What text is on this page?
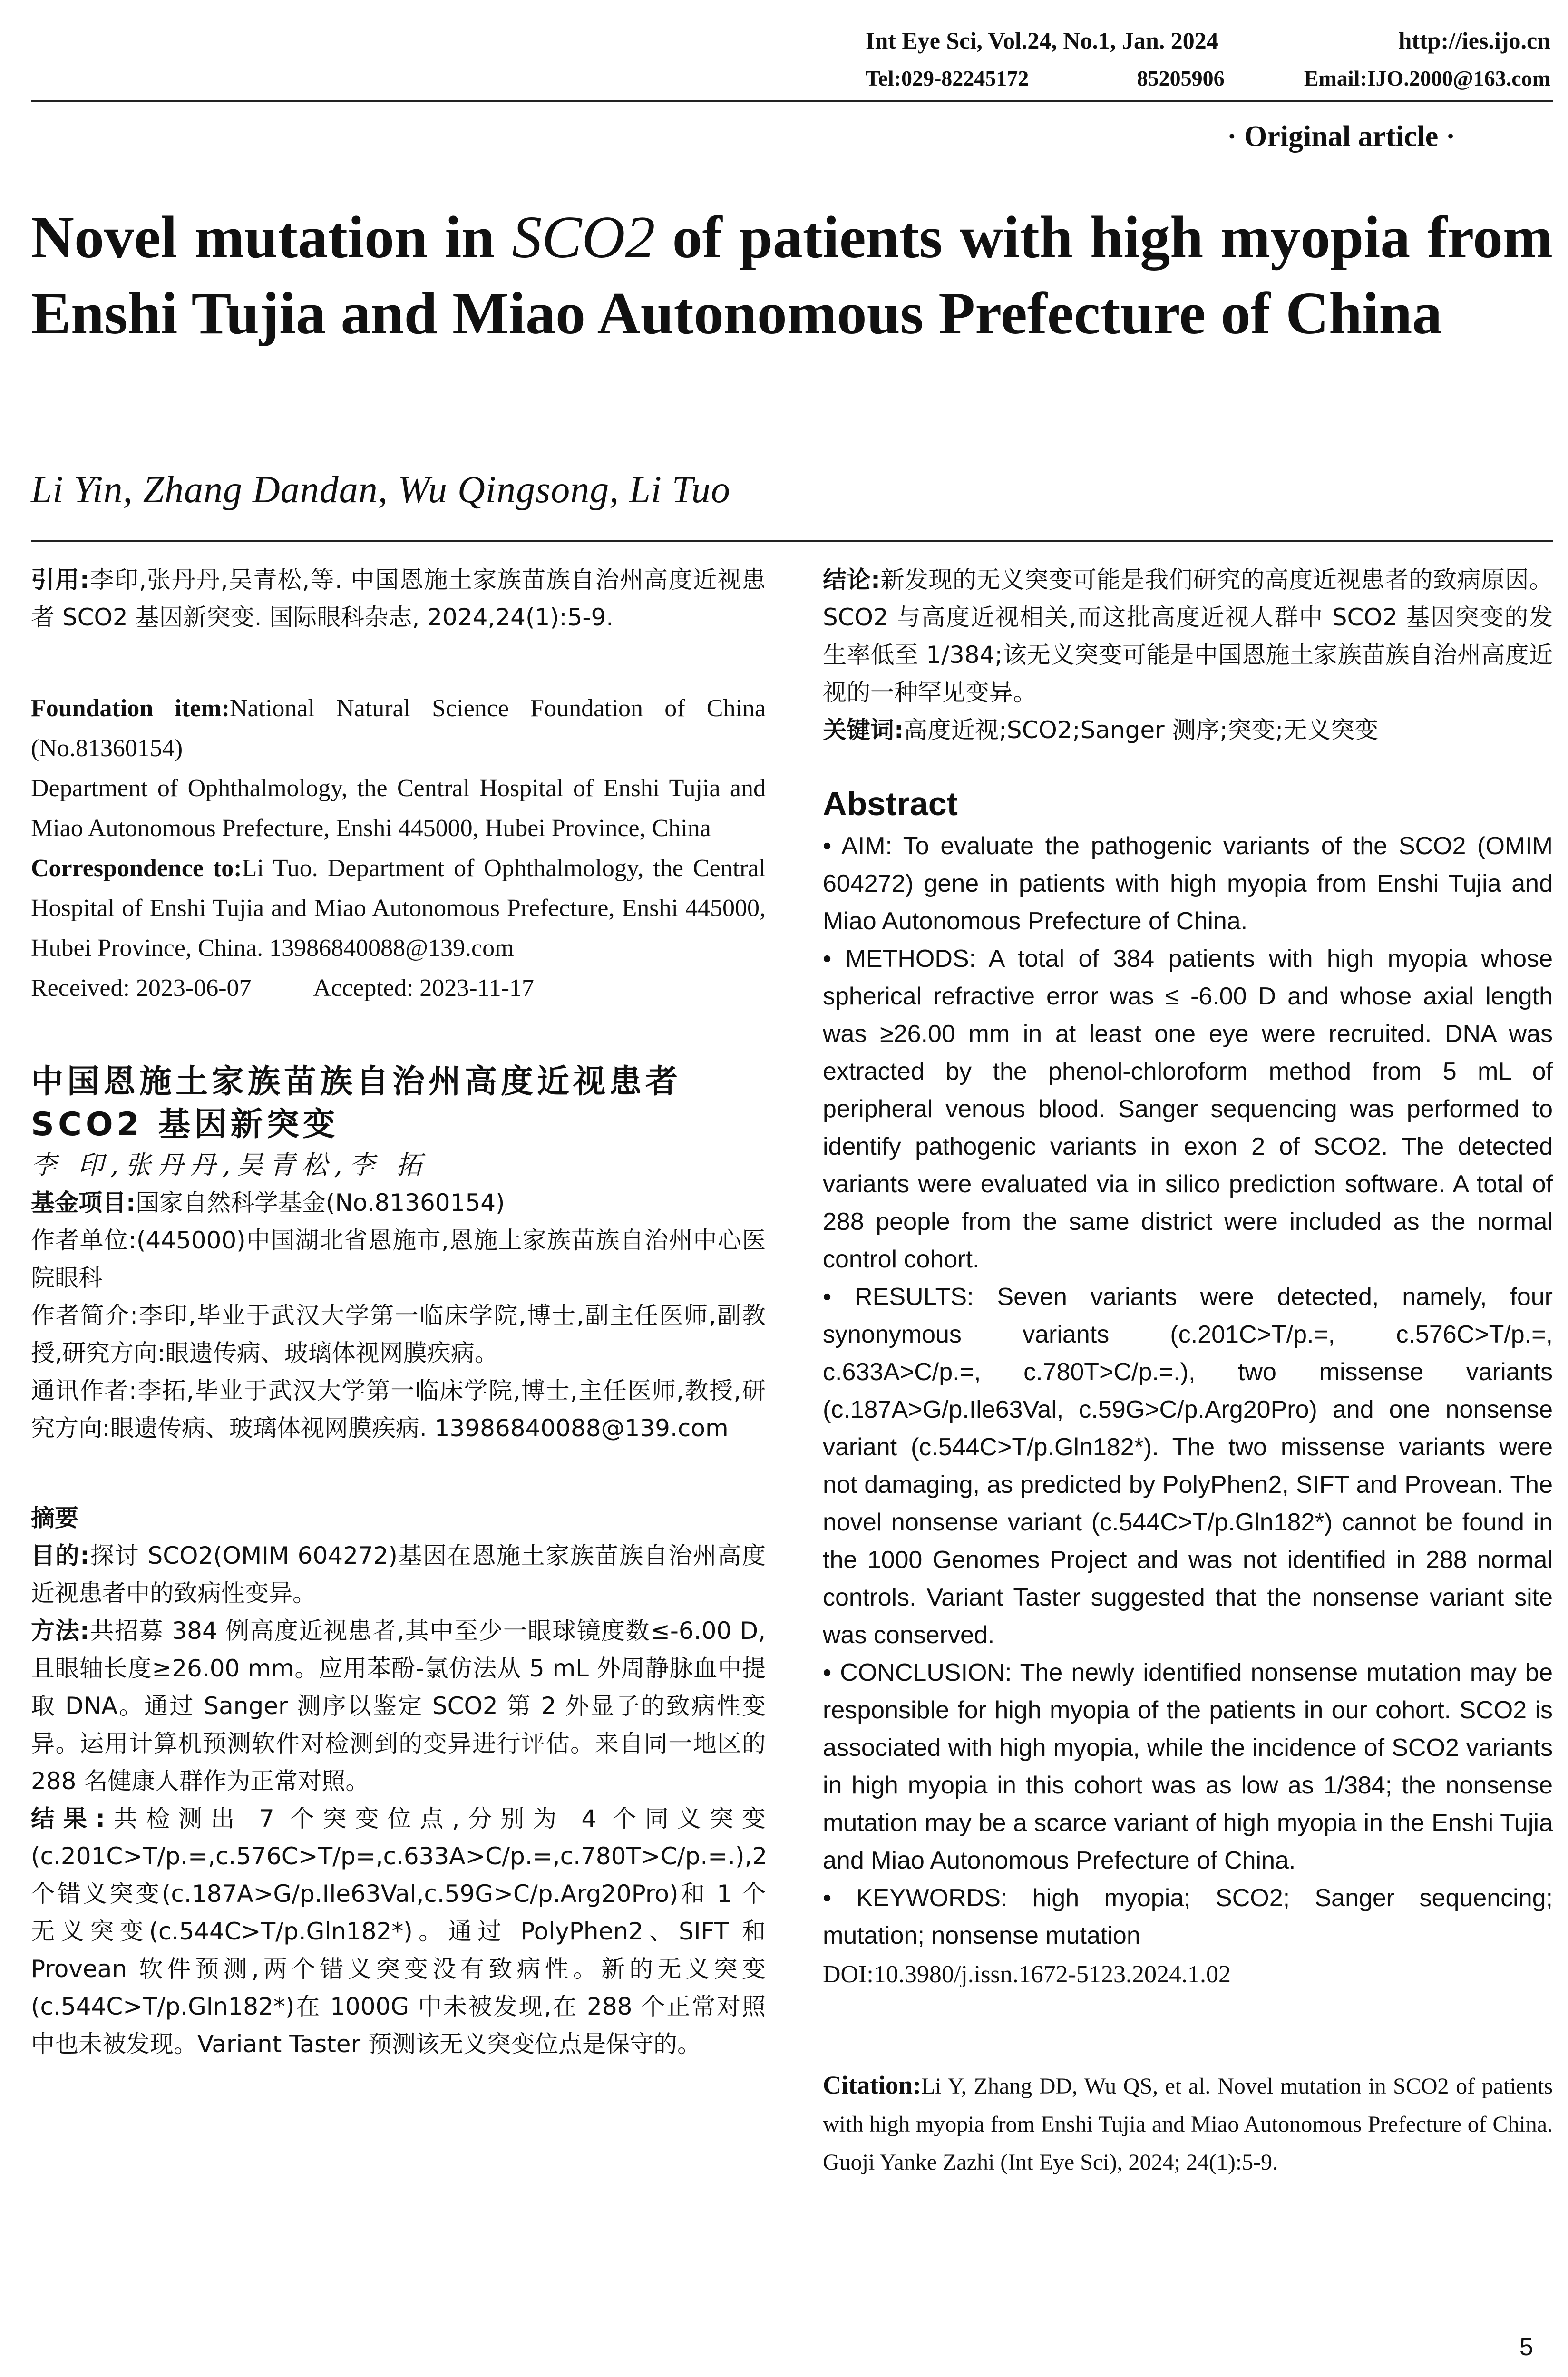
Int Eye Sci, Vol.24, No.1, Jan. 2024	http://ies.ijo.cn
Tel:029-82245172	85205906	Email:IJO.2000@163.com
· Original article ·
Novel mutation in SCO2 of patients with high myopia from Enshi Tujia and Miao Autonomous Prefecture of China
Li Yin, Zhang Dandan, Wu Qingsong, Li Tuo

引用:李印,张丹丹,吴青松,等. 中国恩施土家族苗族自治州高度近视患者 SCO2 基因新突变. 国际眼科杂志, 2024,24(1):5-9.

Foundation item:National Natural Science Foundation of China (No.81360154)

Department of Ophthalmology, the Central Hospital of Enshi Tujia and Miao Autonomous Prefecture, Enshi 445000, Hubei Province, China

Correspondence to:Li Tuo. Department of Ophthalmology, the Central Hospital of Enshi Tujia and Miao Autonomous Prefecture, Enshi 445000, Hubei Province, China. 13986840088@139.com

Received: 2023-06-07	Accepted: 2023-11-17

中国恩施土家族苗族自治州高度近视患者 SCO2 基因新突变

李 印,张丹丹,吴青松,李 拓

基金项目:国家自然科学基金(No.81360154)

作者单位:(445000)中国湖北省恩施市,恩施土家族苗族自治州中心医院眼科

作者简介:李印,毕业于武汉大学第一临床学院,博士,副主任医师,副教授,研究方向:眼遗传病、玻璃体视网膜疾病。

通讯作者:李拓,毕业于武汉大学第一临床学院,博士,主任医师,教授,研究方向:眼遗传病、玻璃体视网膜疾病. 13986840088@139.com

摘要

目的:探讨 SCO2(OMIM 604272)基因在恩施土家族苗族自治州高度近视患者中的致病性变异。

方法:共招募 384 例高度近视患者,其中至少一眼球镜度数≤-6.00 D,且眼轴长度≥26.00 mm。应用苯酚-氯仿法从 5 mL 外周静脉血中提取 DNA。通过 Sanger 测序以鉴定 SCO2 第 2 外显子的致病性变异。运用计算机预测软件对检测到的变异进行评估。来自同一地区的 288 名健康人群作为正常对照。

结果:共检测出 7 个突变位点,分别为 4 个同义突变(c.201C>T/p.=,c.576C>T/p=,c.633A>C/p.=,c.780T>C/p.=.),2 个错义突变(c.187A>G/p.Ile63Val,c.59G>C/p.Arg20Pro)和 1 个无义突变(c.544C>T/p.Gln182*)。通过 PolyPhen2、SIFT 和 Provean 软件预测,两个错义突变没有致病性。新的无义突变(c.544C>T/p.Gln182*)在 1000G 中未被发现,在 288 个正常对照中也未被发现。Variant Taster 预测该无义突变位点是保守的。

结论:新发现的无义突变可能是我们研究的高度近视患者的致病原因。SCO2 与高度近视相关,而这批高度近视人群中 SCO2 基因突变的发生率低至 1/384;该无义突变可能是中国恩施土家族苗族自治州高度近视的一种罕见变异。

关键词:高度近视;SCO2;Sanger 测序;突变;无义突变

Abstract

• AIM: To evaluate the pathogenic variants of the SCO2 (OMIM 604272) gene in patients with high myopia from Enshi Tujia and Miao Autonomous Prefecture of China.

• METHODS: A total of 384 patients with high myopia whose spherical refractive error was ≤ -6.00 D and whose axial length was ≥26.00 mm in at least one eye were recruited. DNA was extracted by the phenol-chloroform method from 5 mL of peripheral venous blood. Sanger sequencing was performed to identify pathogenic variants in exon 2 of SCO2. The detected variants were evaluated via in silico prediction software. A total of 288 people from the same district were included as the normal control cohort.

• RESULTS: Seven variants were detected, namely, four synonymous variants (c.201C>T/p.=, c.576C>T/p.=, c.633A>C/p.=, c.780T>C/p.=.), two missense variants (c.187A>G/p.Ile63Val, c.59G>C/p.Arg20Pro) and one nonsense variant (c.544C>T/p.Gln182*). The two missense variants were not damaging, as predicted by PolyPhen2, SIFT and Provean. The novel nonsense variant (c.544C>T/p.Gln182*) cannot be found in the 1000 Genomes Project and was not identified in 288 normal controls. Variant Taster suggested that the nonsense variant site was conserved.

• CONCLUSION: The newly identified nonsense mutation may be responsible for high myopia of the patients in our cohort. SCO2 is associated with high myopia, while the incidence of SCO2 variants in high myopia in this cohort was as low as 1/384; the nonsense mutation may be a scarce variant of high myopia in the Enshi Tujia and Miao Autonomous Prefecture of China.

• KEYWORDS: high myopia; SCO2; Sanger sequencing; mutation; nonsense mutation

DOI:10.3980/j.issn.1672-5123.2024.1.02

Citation:Li Y, Zhang DD, Wu QS, et al. Novel mutation in SCO2 of patients with high myopia from Enshi Tujia and Miao Autonomous Prefecture of China. Guoji Yanke Zazhi (Int Eye Sci), 2024; 24(1):5-9.

5
